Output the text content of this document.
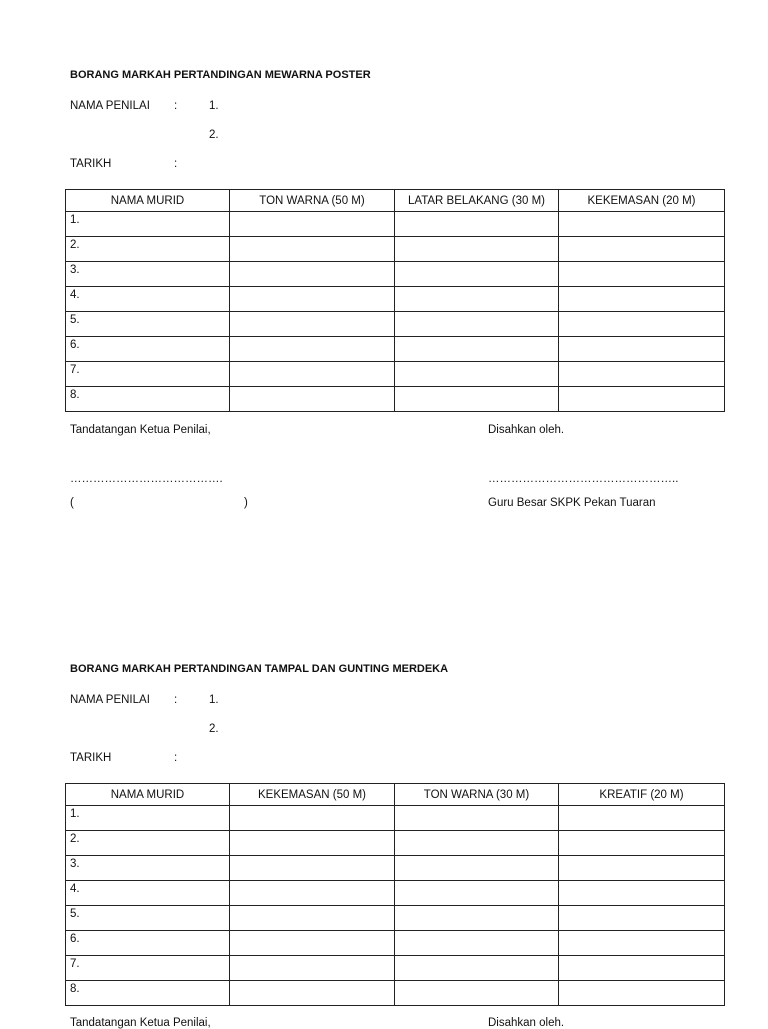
BORANG MARKAH PERTANDINGAN MEWARNA POSTER
NAMA PENILAI :	1.
2.
TARIKH	:
NAMA MURID	TON WARNA (50 M)	LATAR BELAKANG (30 M)	KEKEMASAN (20 M)
1.			
2.			
3.			
4.			
5.			
6.			
7.			
8.			
Tandatangan Ketua Penilai,	Disahkan oleh.
………………………………….	…………………………………………..
(	)	Guru Besar SKPK Pekan Tuaran
BORANG MARKAH PERTANDINGAN TAMPAL DAN GUNTING MERDEKA
NAMA PENILAI :	1.
2.
TARIKH	:
NAMA MURID	KEKEMASAN (50 M)	TON WARNA (30 M)	KREATIF (20 M)
1.			
2.			
3.			
4.			
5.			
6.			
7.			
8.			
Tandatangan Ketua Penilai,	Disahkan oleh.
